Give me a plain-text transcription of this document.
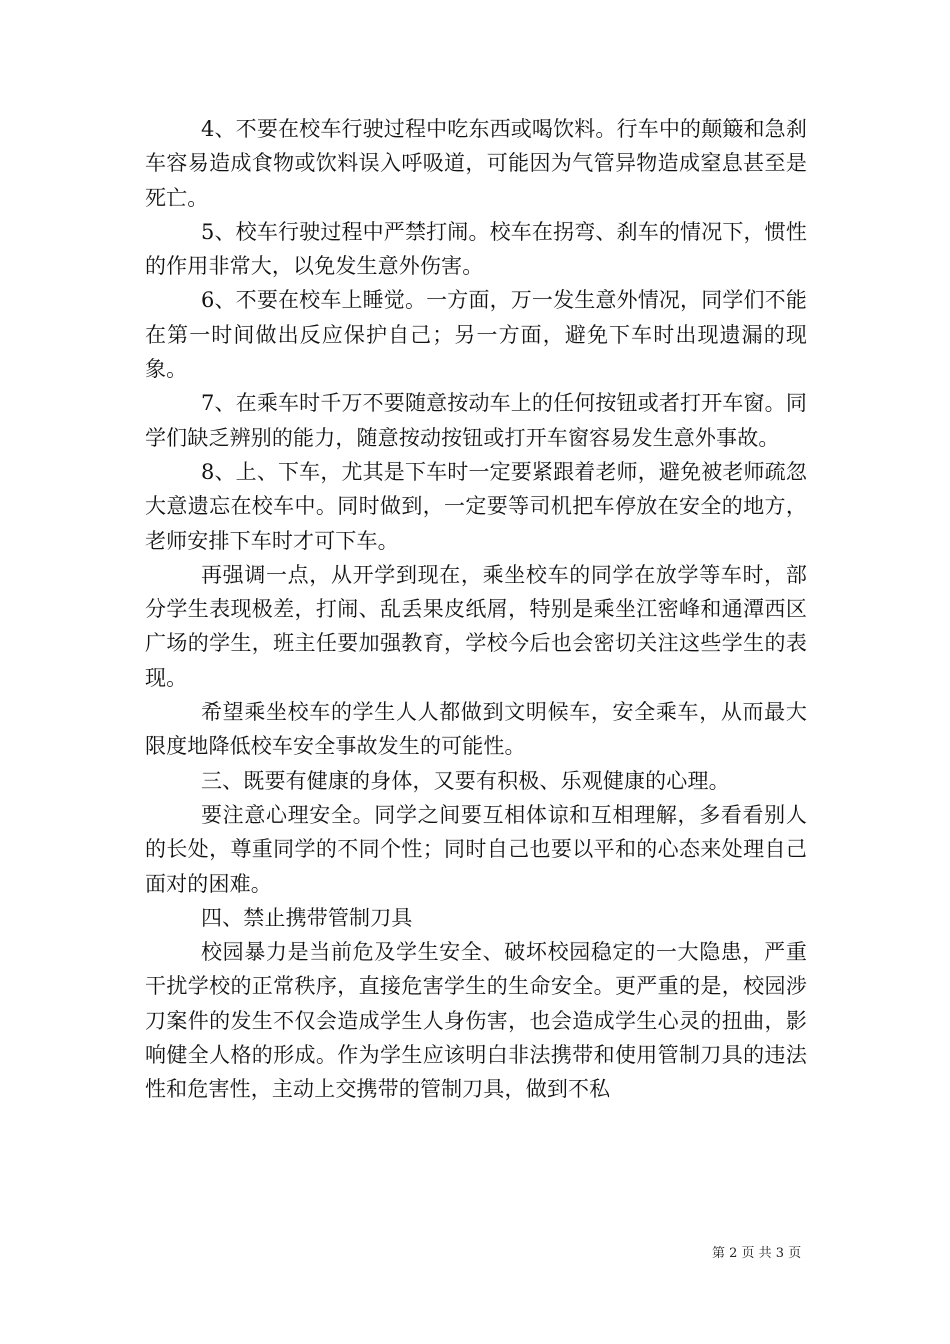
4、不要在校车行驶过程中吃东西或喝饮料。行车中的颠簸和急刹车容易造成食物或饮料误入呼吸道，可能因为气管异物造成窒息甚至是死亡。

5、校车行驶过程中严禁打闹。校车在拐弯、刹车的情况下，惯性的作用非常大，以免发生意外伤害。

6、不要在校车上睡觉。一方面，万一发生意外情况，同学们不能在第一时间做出反应保护自己；另一方面，避免下车时出现遗漏的现象。

7、在乘车时千万不要随意按动车上的任何按钮或者打开车窗。同学们缺乏辨别的能力，随意按动按钮或打开车窗容易发生意外事故。

8、上、下车，尤其是下车时一定要紧跟着老师，避免被老师疏忽大意遗忘在校车中。同时做到，一定要等司机把车停放在安全的地方，老师安排下车时才可下车。

再强调一点，从开学到现在，乘坐校车的同学在放学等车时，部分学生表现极差，打闹、乱丢果皮纸屑，特别是乘坐江密峰和通潭西区广场的学生，班主任要加强教育，学校今后也会密切关注这些学生的表现。

希望乘坐校车的学生人人都做到文明候车，安全乘车，从而最大限度地降低校车安全事故发生的可能性。

三、既要有健康的身体，又要有积极、乐观健康的心理。

要注意心理安全。同学之间要互相体谅和互相理解，多看看别人的长处，尊重同学的不同个性；同时自己也要以平和的心态来处理自己面对的困难。

四、禁止携带管制刀具

校园暴力是当前危及学生安全、破坏校园稳定的一大隐患，严重干扰学校的正常秩序，直接危害学生的生命安全。更严重的是，校园涉刀案件的发生不仅会造成学生人身伤害，也会造成学生心灵的扭曲，影响健全人格的形成。作为学生应该明白非法携带和使用管制刀具的违法性和危害性，主动上交携带的管制刀具，做到不私

第 2 页 共 3 页
